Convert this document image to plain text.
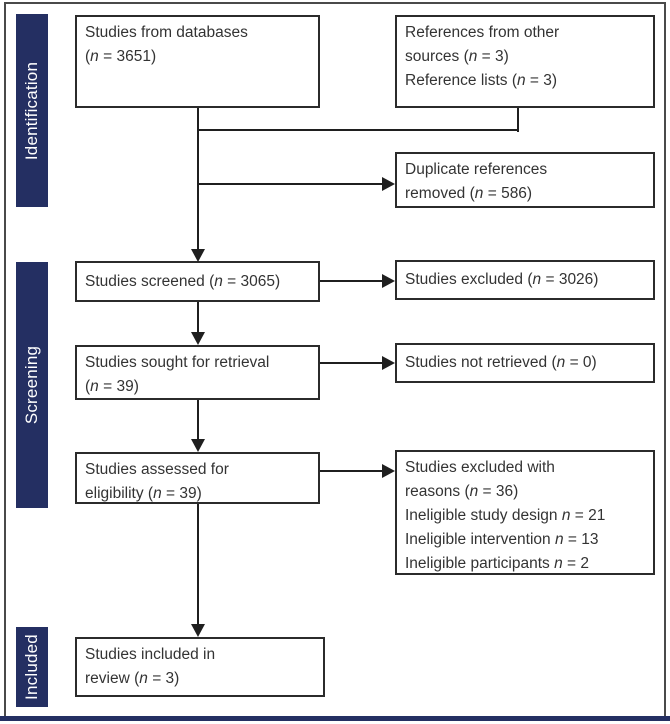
Identification
Screening
Included
Studies from databases
(n = 3651)
References from other
sources (n = 3)
Reference lists (n = 3)
Duplicate references
removed (n = 586)
Studies screened (n = 3065)	Studies excluded (n = 3026)
Studies sought for retrieval
(n = 39)
Studies not retrieved (n = 0)
Studies assessed for
eligibility (n = 39)
Studies excluded with
reasons (n = 36)
Ineligible study design n = 21
Ineligible intervention n = 13
Ineligible participants n = 2
Studies included in
review (n = 3)
